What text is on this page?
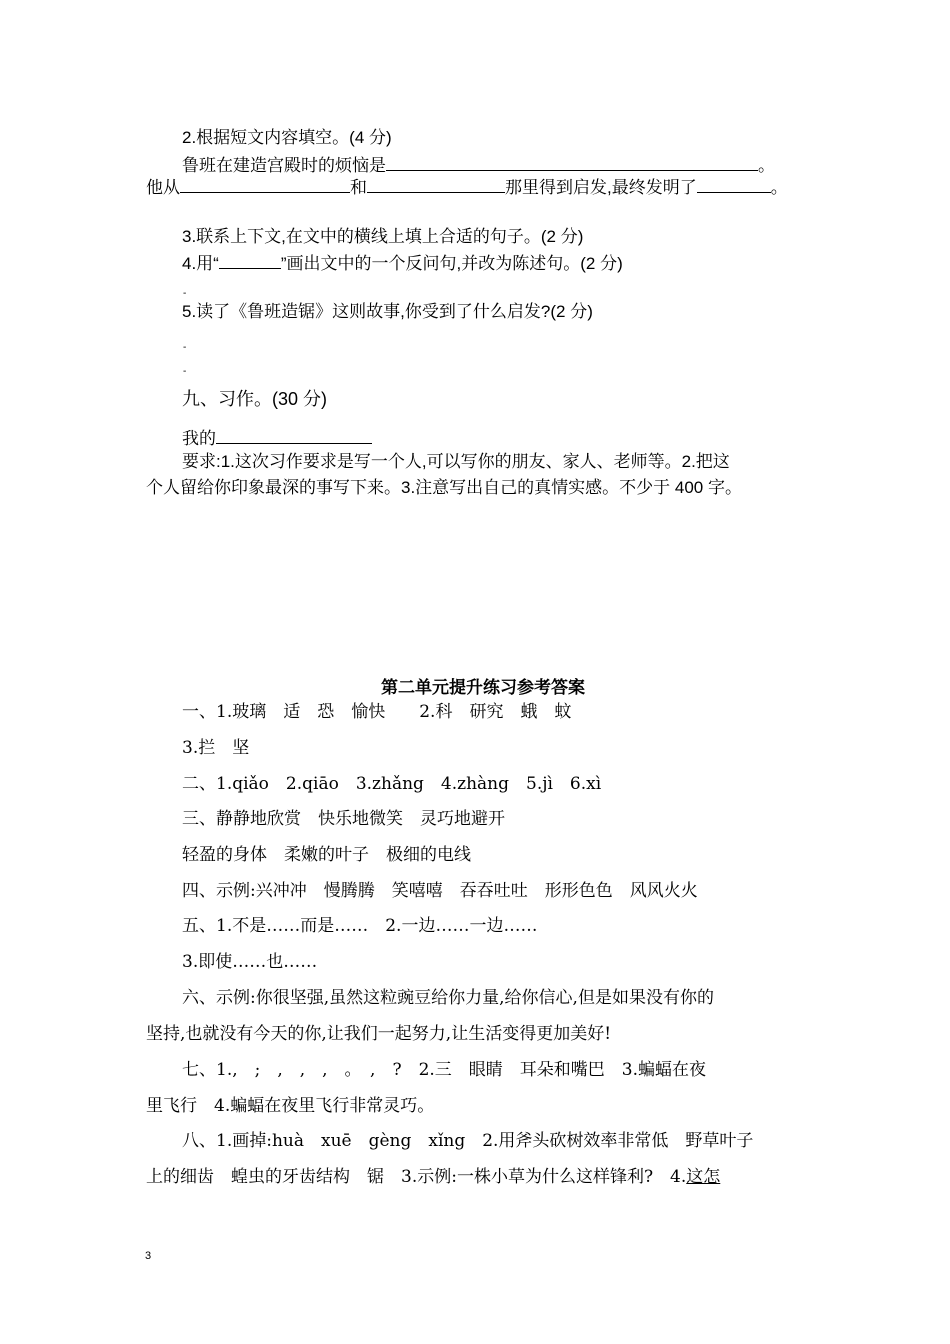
2.根据短文内容填空。(4 分)
鲁班在建造宫殿时的烦恼是	。
他从	和	那里得到启发,最终发明了	。
3.联系上下文,在文中的横线上填上合适的句子。(2 分)
4.用“	”画出文中的一个反问句,并改为陈述句。(2 分)
-
5.读了《鲁班造锯》这则故事,你受到了什么启发?(2 分)
-
-
九、习作。(30 分)
我的
要求:1.这次习作要求是写一个人,可以写你的朋友、家人、老师等。2.把这
个人留给你印象最深的事写下来。3.注意写出自己的真情实感。不少于 400 字。
第二单元提升练习参考答案
一、1.玻璃　适　恐　愉快　　2.科　研究　蛾　蚊
3.拦　坚
二、1.qiǎo　2.qiāo　3.zhǎng　4.zhàng　5.jì　6.xì
三、静静地欣赏　快乐地微笑　灵巧地避开
轻盈的身体　柔嫩的叶子　极细的电线
四、示例:兴冲冲　慢腾腾　笑嘻嘻　吞吞吐吐　形形色色　风风火火
五、1.不是……而是……　2.一边……一边……
3.即使……也……
六、示例:你很坚强,虽然这粒豌豆给你力量,给你信心,但是如果没有你的
坚持,也就没有今天的你,让我们一起努力,让生活变得更加美好!
七、1.,　;　,　,　,　。　,　?　2.三　眼睛　耳朵和嘴巴　3.蝙蝠在夜
里飞行　4.蝙蝠在夜里飞行非常灵巧。
八、1.画掉:huà　xuē　gèng　xǐng　2.用斧头砍树效率非常低　野草叶子
上的细齿　蝗虫的牙齿结构　锯　3.示例:一株小草为什么这样锋利?　4.这怎
3
